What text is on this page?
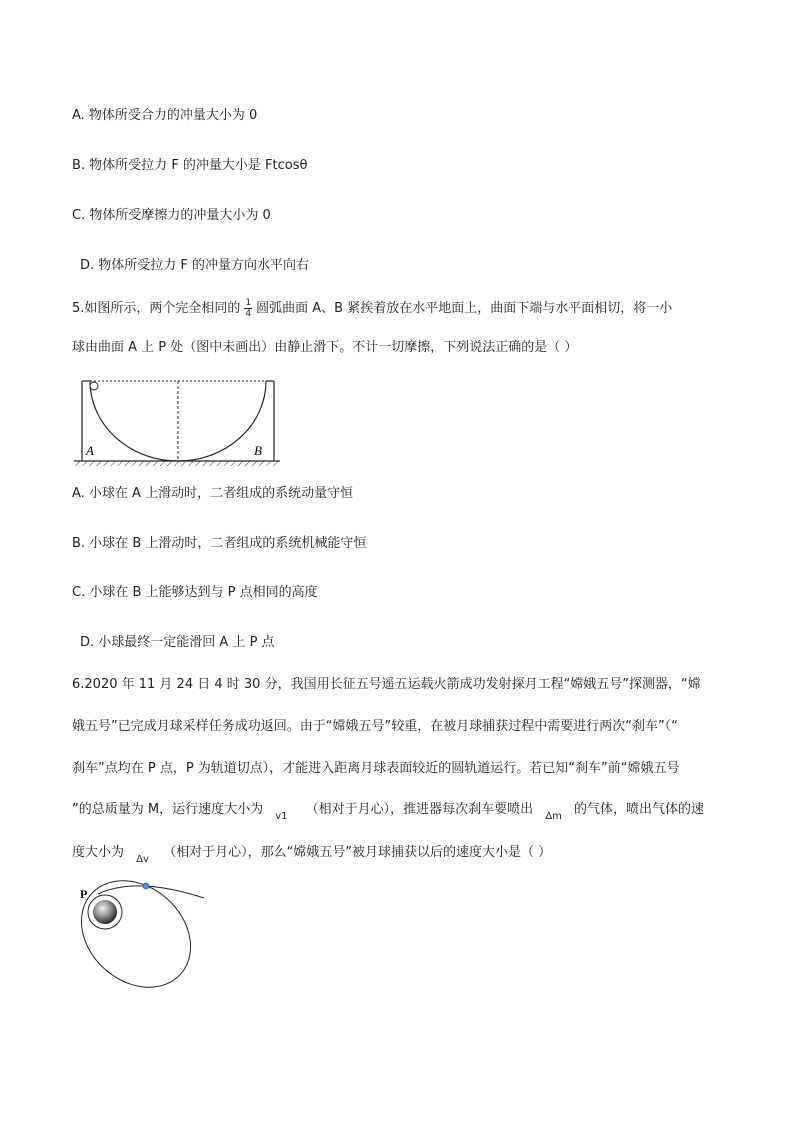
A. 物体所受合力的冲量大小为 0
B. 物体所受拉力 F 的冲量大小是 Ftcosθ
C. 物体所受摩擦力的冲量大小为 0
D. 物体所受拉力 F 的冲量方向水平向右
5.如图所示，两个完全相同的 $\frac{1}{4}$ 圆弧曲面 A、B 紧挨着放在水平地面上，曲面下端与水平面相切，将一小
球由曲面 A 上 P 处（图中未画出）由静止滑下。不计一切摩擦，下列说法正确的是（ ）
A	B
A. 小球在 A 上滑动时，二者组成的系统动量守恒
B. 小球在 B 上滑动时，二者组成的系统机械能守恒
C. 小球在 B 上能够达到与 P 点相同的高度
D. 小球最终一定能滑回 A 上 P 点
6.2020 年 11 月 24 日 4 时 30 分，我国用长征五号遥五运载火箭成功发射探月工程“嫦娥五号”探测器，“嫦
娥五号”已完成月球采样任务成功返回。由于“嫦娥五号”较重，在被月球捕获过程中需要进行两次“刹车”（“
刹车”点均在 P 点，P 为轨道切点），才能进入距离月球表面较近的圆轨道运行。若已知“刹车”前“嫦娥五号
”的总质量为 M，运行速度大小为 $_{v1}$ （相对于月心），推进器每次刹车要喷出 $_{\Delta m}$ 的气体，喷出气体的速
度大小为 $_{\Delta v}$ （相对于月心），那么“嫦娥五号”被月球捕获以后的速度大小是（ ）
P
